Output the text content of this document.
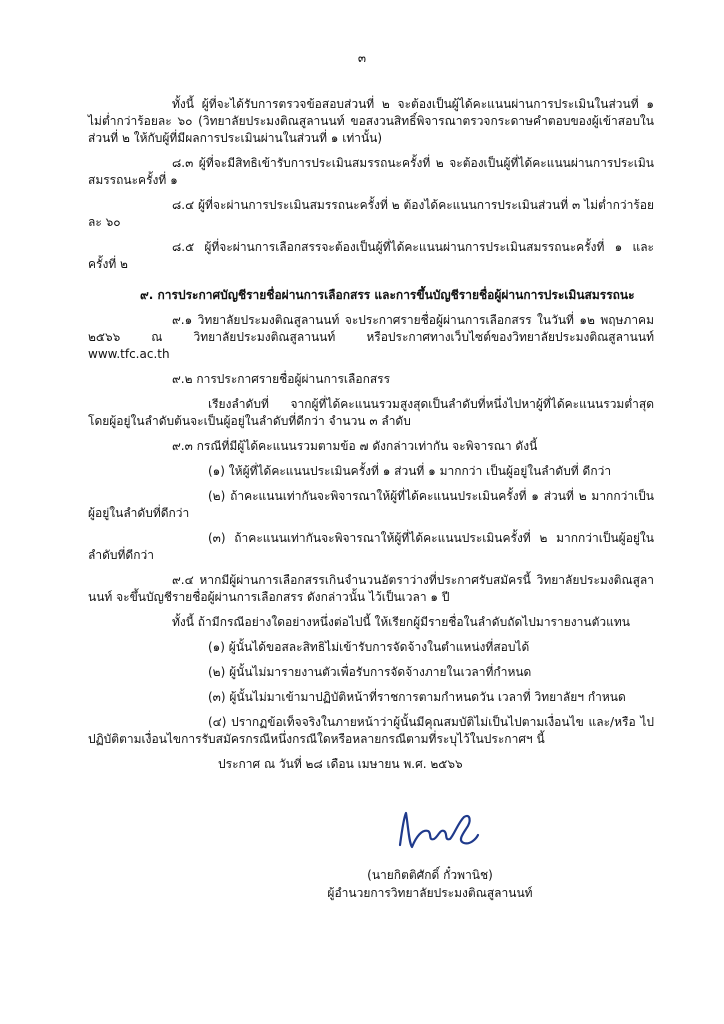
๓

ทั้งนี้ ผู้ที่จะได้รับการตรวจข้อสอบส่วนที่ ๒ จะต้องเป็นผู้ได้คะแนนผ่านการประเมินในส่วนที่ ๑ ไม่ต่ำกว่าร้อยละ ๖๐ (วิทยาลัยประมงติณสูลานนท์ ขอสงวนสิทธิ์พิจารณาตรวจกระดาษคำตอบของผู้เข้าสอบในส่วนที่ ๒ ให้กับผู้ที่มีผลการประเมินผ่านในส่วนที่ ๑ เท่านั้น)

๘.๓ ผู้ที่จะมีสิทธิเข้ารับการประเมินสมรรถนะครั้งที่ ๒ จะต้องเป็นผู้ที่ได้คะแนนผ่านการประเมินสมรรถนะครั้งที่ ๑

๘.๔ ผู้ที่จะผ่านการประเมินสมรรถนะครั้งที่ ๒ ต้องได้คะแนนการประเมินส่วนที่ ๓ ไม่ต่ำกว่าร้อยละ ๖๐

๘.๕ ผู้ที่จะผ่านการเลือกสรรจะต้องเป็นผู้ที่ได้คะแนนผ่านการประเมินสมรรถนะครั้งที่ ๑ และครั้งที่ ๒

๙. การประกาศบัญชีรายชื่อผ่านการเลือกสรร และการขึ้นบัญชีรายชื่อผู้ผ่านการประเมินสมรรถนะ

๙.๑ วิทยาลัยประมงติณสูลานนท์ จะประกาศรายชื่อผู้ผ่านการเลือกสรร ในวันที่ ๑๒ พฤษภาคม ๒๕๖๖ ณ วิทยาลัยประมงติณสูลานนท์ หรือประกาศทางเว็บไซต์ของวิทยาลัยประมงติณสูลานนท์ www.tfc.ac.th

๙.๒ การประกาศรายชื่อผู้ผ่านการเลือกสรร

เรียงลำดับที่ จากผู้ที่ได้คะแนนรวมสูงสุดเป็นลำดับที่หนึ่งไปหาผู้ที่ได้คะแนนรวมต่ำสุด โดยผู้อยู่ในลำดับต้นจะเป็นผู้อยู่ในลำดับที่ดีกว่า จำนวน ๓ ลำดับ

๙.๓ กรณีที่มีผู้ได้คะแนนรวมตามข้อ ๗ ดังกล่าวเท่ากัน จะพิจารณา ดังนี้

(๑) ให้ผู้ที่ได้คะแนนประเมินครั้งที่ ๑ ส่วนที่ ๑ มากกว่า เป็นผู้อยู่ในลำดับที่ ดีกว่า

(๒) ถ้าคะแนนเท่ากันจะพิจารณาให้ผู้ที่ได้คะแนนประเมินครั้งที่ ๑ ส่วนที่ ๒ มากกว่าเป็นผู้อยู่ในลำดับที่ดีกว่า

(๓) ถ้าคะแนนเท่ากันจะพิจารณาให้ผู้ที่ได้คะแนนประเมินครั้งที่ ๒ มากกว่าเป็นผู้อยู่ในลำดับที่ดีกว่า

๙.๔ หากมีผู้ผ่านการเลือกสรรเกินจำนวนอัตราว่างที่ประกาศรับสมัครนี้ วิทยาลัยประมงติณสูลานนท์ จะขึ้นบัญชีรายชื่อผู้ผ่านการเลือกสรร ดังกล่าวนั้น ไว้เป็นเวลา ๑ ปี

ทั้งนี้ ถ้ามีกรณีอย่างใดอย่างหนึ่งต่อไปนี้ ให้เรียกผู้มีรายชื่อในลำดับถัดไปมารายงานตัวแทน

(๑) ผู้นั้นได้ขอสละสิทธิไม่เข้ารับการจัดจ้างในตำแหน่งที่สอบได้

(๒) ผู้นั้นไม่มารายงานตัวเพื่อรับการจัดจ้างภายในเวลาที่กำหนด

(๓) ผู้นั้นไม่มาเข้ามาปฏิบัติหน้าที่ราชการตามกำหนดวัน เวลาที่ วิทยาลัยฯ กำหนด

(๔) ปรากฏข้อเท็จจริงในภายหน้าว่าผู้นั้นมีคุณสมบัติไม่เป็นไปตามเงื่อนไข และ/หรือ ไปปฏิบัติตามเงื่อนไขการรับสมัครกรณีหนึ่งกรณีใดหรือหลายกรณีตามที่ระบุไว้ในประกาศฯ นี้

ประกาศ ณ วันที่ ๒๘ เดือน เมษายน พ.ศ. ๒๕๖๖

(นายกิตติศักดิ์ กั๋วพานิช)
ผู้อำนวยการวิทยาลัยประมงติณสูลานนท์
